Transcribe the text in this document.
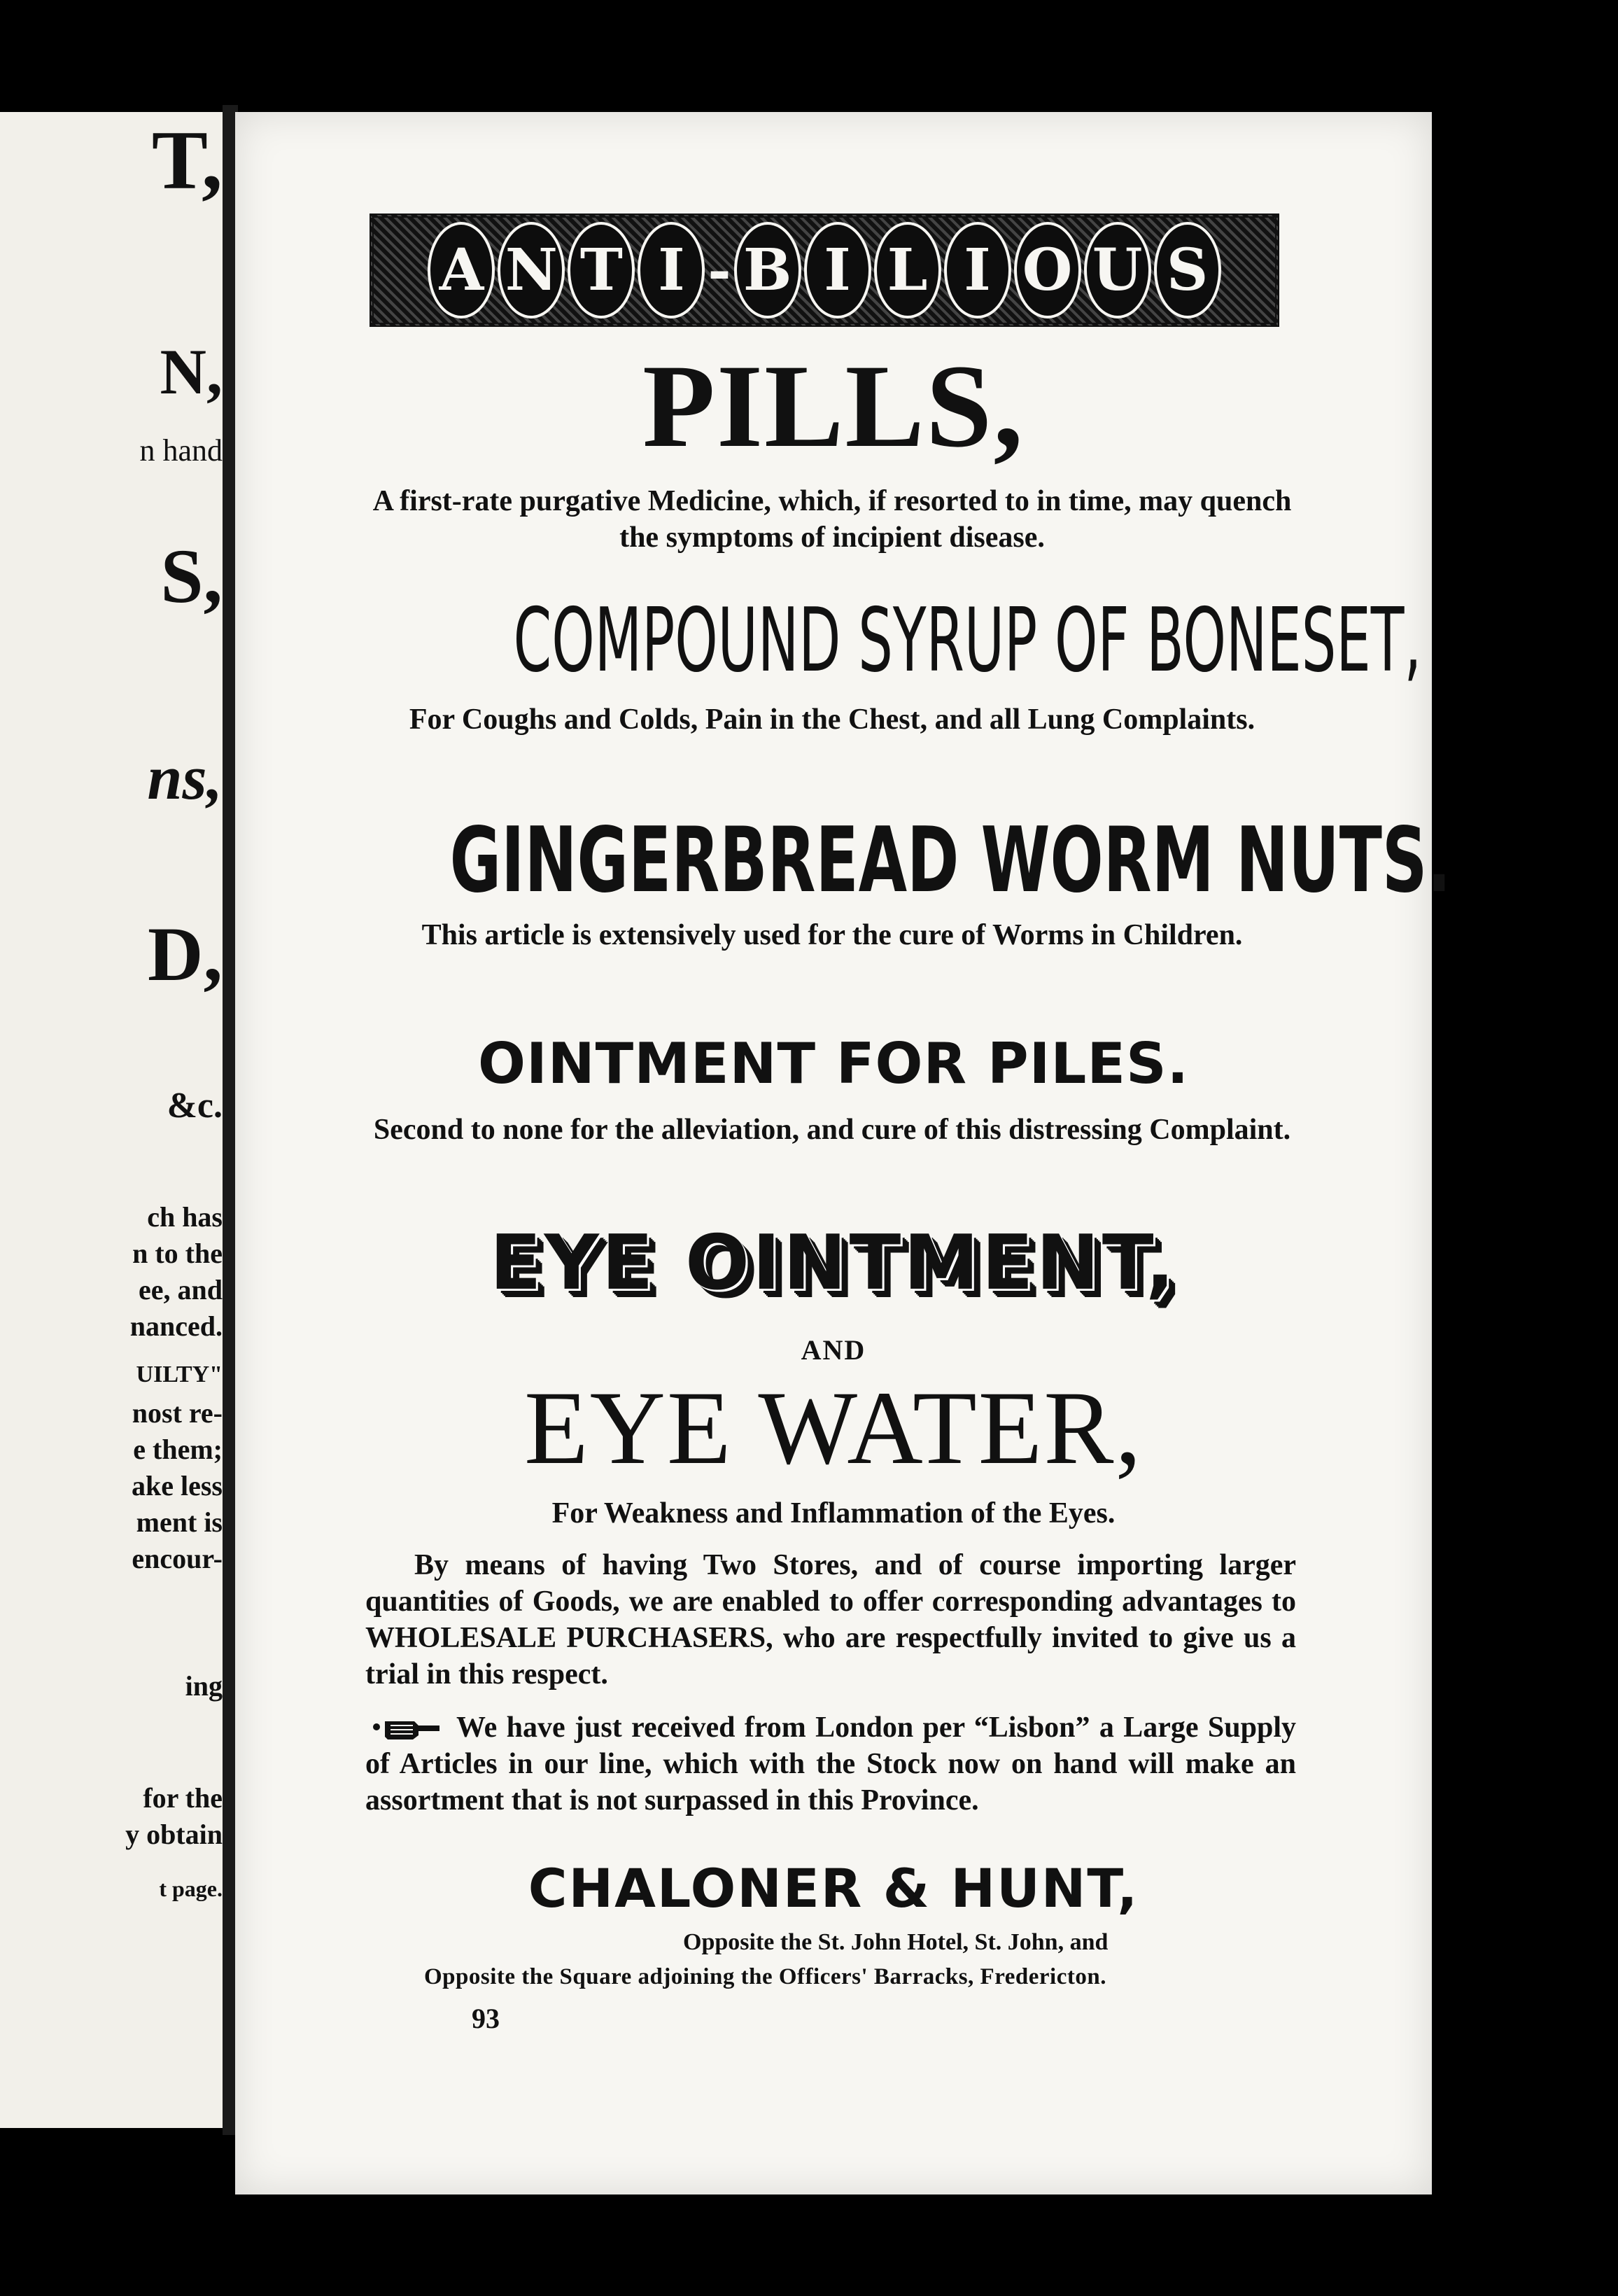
T,
N,
n hand
S,
ns,
D,
&c.
ch has
n to the
ee, and
nanced.
UILTY"
nost re-
e them;
ake less
ment is
encour-
ing
for the
y obtain
t page.
A N T I - B I L I O U S
PILLS,
A first-rate purgative Medicine, which, if resorted to in time, may quench the symptoms of incipient disease.
COMPOUND SYRUP OF BONESET,
For Coughs and Colds, Pain in the Chest, and all Lung Complaints.
GINGERBREAD WORM NUTS.
This article is extensively used for the cure of Worms in Children.
OINTMENT FOR PILES.
Second to none for the alleviation, and cure of this distressing Complaint.
EYE OINTMENT,
AND
EYE WATER,
For Weakness and Inflammation of the Eyes.
By means of having Two Stores, and of course importing larger quantities of Goods, we are enabled to offer corresponding advantages to WHOLESALE PURCHASERS, who are respectfully invited to give us a trial in this respect.
We have just received from London per “Lisbon” a Large Supply of Articles in our line, which with the Stock now on hand will make an assortment that is not surpassed in this Province.
CHALONER & HUNT,
Opposite the St. John Hotel, St. John, and
Opposite the Square adjoining the Officers' Barracks, Fredericton.
93
